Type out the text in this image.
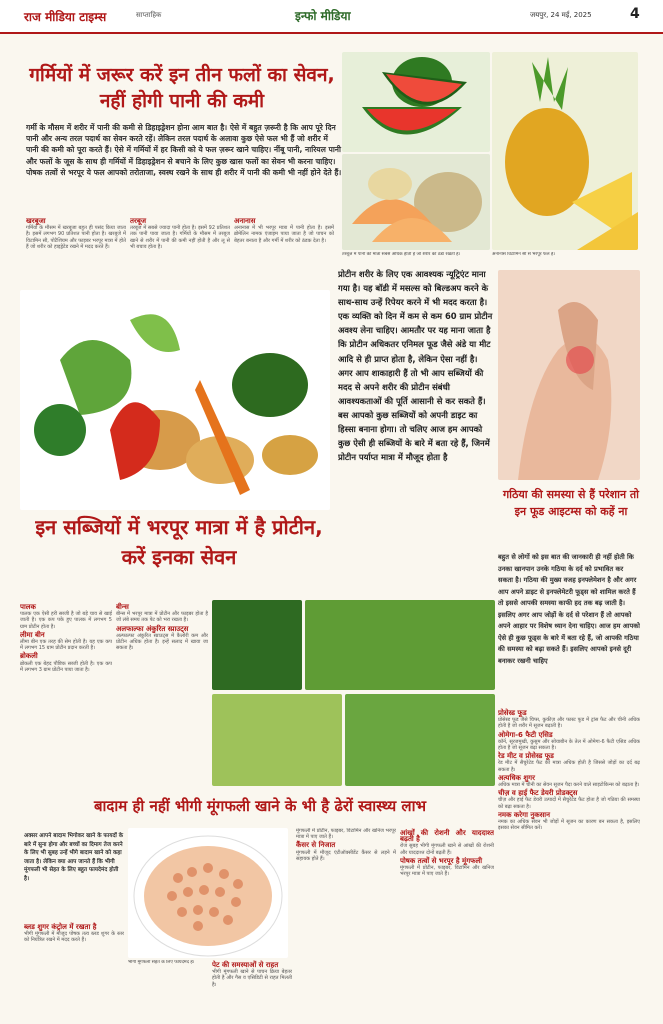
राज मीडिया टाइम्स	साप्ताहिक	इन्फो मीडिया	जयपुर, 24 मई, 2025	4
गर्मियों में जरूर करें इन तीन फलों का सेवन, नहीं होगी पानी की कमी
गर्मी के मौसम में शरीर में पानी की कमी से डिहाइड्रेशन होना आम बात है। ऐसे में बहुत ज़रूरी है कि आप पूरे दिन पानी और अन्य तरल पदार्थ का सेवन करते रहें। लेकिन तरल पदार्थ के अलावा कुछ ऐसे फल भी हैं जो शरीर में पानी की कमी को पूरा करते हैं। ऐसे में गर्मियों में हर किसी को ये फल ज़रूर खाने चाहिए। नींबू पानी, नारियल पानी और फलों के जूस के साथ ही गर्मियों में डिहाइड्रेशन से बचाने के लिए कुछ खास फलों का सेवन भी करना चाहिए। पोषक तत्वों से भरपूर ये फल आपको तरोताजा, स्वस्थ रखने के साथ ही शरीर में पानी की कमी भी नहीं होने देते हैं।
खरबूजा

गर्मियों के मौसम में खरबूजा बहुत ही पसंद किया जाता है। इसमें लगभग 90 प्रतिशत पानी होता है। खरबूजे में विटामिन सी, पोटैशियम और फाइबर भरपूर मात्रा में होते हैं जो शरीर को हाइड्रेटेड रखने में मदद करते हैं।

तरबूज

तरबूज में सबसे ज्यादा पानी होता है। इसमें 92 प्रतिशत तक पानी पाया जाता है। गर्मियों के मौसम में तरबूज खाने से शरीर में पानी की कमी नहीं होती है और लू से भी बचाव होता है।

अनानास

अनानास में भी भरपूर मात्रा में पानी होता है। इसमें ब्रोमेलिन नामक एंजाइम पाया जाता है जो पाचन को बेहतर बनाता है और गर्मी में शरीर को ठंडक देता है।

तरबूज में पानी की मात्रा सबसे अधिक होती है जो शरीर को ठंडा रखती है।	अनानास विटामिन सी से भरपूर फल है।
इन सब्जियों में भरपूर मात्रा में है प्रोटीन, करें इनका सेवन
प्रोटीन शरीर के लिए एक आवश्यक न्यूट्रिएंट माना गया है। यह बॉडी में मसल्स को बिल्डअप करने के साथ-साथ उन्हें रिपेयर करने में भी मदद करता है। एक व्यक्ति को दिन में कम से कम 60 ग्राम प्रोटीन अवश्य लेना चाहिए। आमतौर पर यह माना जाता है कि प्रोटीन अधिकतर एनिमल फूड जैसे अंडे या मीट आदि से ही प्राप्त होता है, लेकिन ऐसा नहीं है। अगर आप शाकाहारी हैं तो भी आप सब्जियों की मदद से अपने शरीर की प्रोटीन संबंधी आवश्यकताओं की पूर्ति आसानी से कर सकते हैं। बस आपको कुछ सब्जियों को अपनी डाइट का हिस्सा बनाना होगा। तो चलिए आज हम आपको कुछ ऐसी ही सब्जियों के बारे में बता रहे हैं, जिनमें प्रोटीन पर्याप्त मात्रा में मौजूद होता है
पालक

पालक एक ऐसी हरी सब्जी है जो बड़े चाव से खाई जाती है। एक कप पके हुए पालक में लगभग 5 ग्राम प्रोटीन होता है।

लीमा बीन

लीमा बीन एक तरह की सेम होती है। यह एक कप में लगभग 15 ग्राम प्रोटीन प्रदान करती है।

ब्रोकली

ब्रोकली एक बेहद पौष्टिक सब्जी होती है। एक कप में लगभग 3 ग्राम प्रोटीन पाया जाता है।

बीन्स

बीन्स में भरपूर मात्रा में प्रोटीन और फाइबर होता है जो लंबे समय तक पेट को भरा रखता है।

अलफाल्फा अंकुरित स्प्राउट्स

अल्फाल्फा अंकुरित स्प्राउट्स में कैलोरी कम और प्रोटीन अधिक होता है। इन्हें सलाद में खाया जा सकता है।

गठिया की समस्या से हैं परेशान तो इन फूड आइटम्स को कहें ना
बहुत से लोगों को इस बात की जानकारी ही नहीं होती कि उनका खानपान उनके गठिया के दर्द को प्रभावित कर सकता है। गठिया की मुख्य वजह इनफ्लेमेशन है और अगर आप अपने डाइट से इनफ्लेमेटरी फूड्स को शामिल करते हैं तो इससे आपकी समस्या काफी हद तक बढ़ जाती है। इसलिए अगर आप जोड़ों के दर्द से परेशान हैं तो आपको अपने आहार पर विशेष ध्यान देना चाहिए। आज हम आपको ऐसे ही कुछ फूड्स के बारे में बता रहे हैं, जो आपकी गठिया की समस्या को बढ़ा सकते हैं। इसलिए आपको इनसे दूरी बनाकर रखनी चाहिए
प्रोसेस्ड फूड

प्रोसेस्ड फूड जैसे चिप्स, कुकीज़ और फास्ट फूड में ट्रांस फैट और चीनी अधिक होती है जो शरीर में सूजन बढ़ाती है।

ओमेगा-6 फैटी एसिड

कॉर्न, सूरजमुखी, कुसुम और सोयाबीन के तेल में ओमेगा-6 फैटी एसिड अधिक होता है जो सूजन बढ़ा सकता है।

रेड मीट व प्रोसेस्ड फूड

रेड मीट में सैचुरेटेड फैट की मात्रा अधिक होती है जिससे जोड़ों का दर्द बढ़ सकता है।

अत्यधिक शुगर

अधिक मात्रा में चीनी का सेवन सूजन पैदा करने वाले साइटोकिन्स को बढ़ाता है।

चीज़ व हाई फैट डेयरी प्रोडक्ट्स

चीज़ और हाई फैट डेयरी उत्पादों में सैचुरेटेड फैट होता है जो गठिया की समस्या को बढ़ा सकता है।

नमक करेगा नुकसान

नमक का अधिक सेवन भी जोड़ों में सूजन का कारण बन सकता है, इसलिए इसका सेवन सीमित करें।

बादाम ही नहीं भीगी मूंगफली खाने के भी है ढेरों स्वास्थ्य लाभ
अक्सर आपने बादाम भिगोकर खाने के फायदों के बारे में सुना होगा और बच्चों का दिमाग तेज करने के लिए भी सुबह उन्हें भीगे बादाम खाने को कहा जाता है। लेकिन क्या आप जानते हैं कि भीगी मूंगफली भी सेहत के लिए बहुत फायदेमंद होती है।
ब्लड शुगर कंट्रोल में रखता है

भीगी मूंगफली में मौजूद पोषक तत्व ब्लड शुगर के स्तर को नियंत्रित रखने में मदद करते हैं।

भीगी मूंगफली सेहत के लिए फायदेमंद है।	पेट की समस्याओं से राहत

भीगी मूंगफली खाने से पाचन क्रिया बेहतर होती है और गैस व एसिडिटी से राहत मिलती है।

मूंगफली में प्रोटीन, फाइबर, विटामिन और खनिज भरपूर मात्रा में पाए जाते हैं।

कैंसर से निजात

मूंगफली में मौजूद एंटीऑक्सीडेंट कैंसर से लड़ने में सहायक होते हैं।

आंखों की रोशनी और याददाश्त बढ़ती है

रोज सुबह भीगी मूंगफली खाने से आंखों की रोशनी और याददाश्त दोनों बढ़ती हैं।

पोषक तत्वों से भरपूर है मूंगफली

मूंगफली में प्रोटीन, फाइबर, विटामिन और खनिज भरपूर मात्रा में पाए जाते हैं।
